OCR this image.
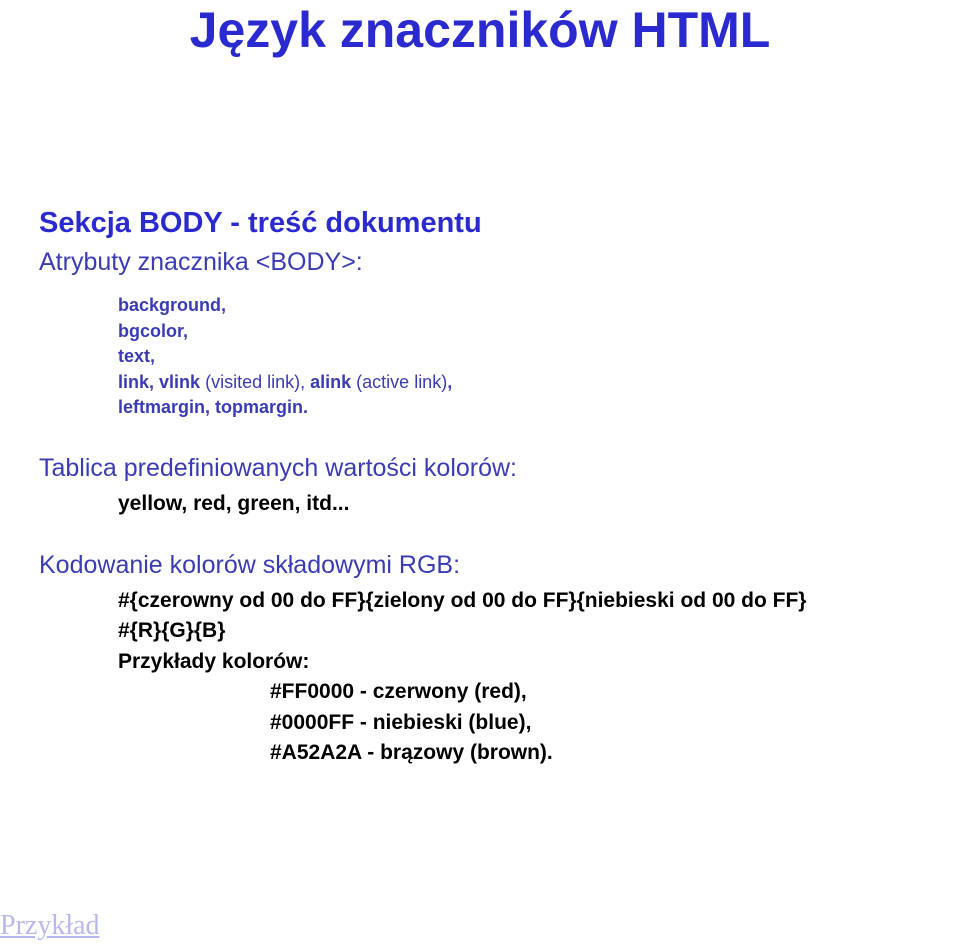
Język znaczników HTML
Sekcja BODY - treść dokumentu
Atrybuty znacznika <BODY>:
background,
bgcolor,
text,
link, vlink (visited link), alink (active link),
leftmargin, topmargin.
Tablica predefiniowanych wartości kolorów:
yellow, red, green, itd...
Kodowanie kolorów składowymi RGB:
#{czerowny od 00 do FF}{zielony od 00 do FF}{niebieski od 00 do FF}
#{R}{G}{B}
Przykłady kolorów:
#FF0000 - czerwony (red),
#0000FF - niebieski (blue),
#A52A2A - brązowy (brown).
Przykład
